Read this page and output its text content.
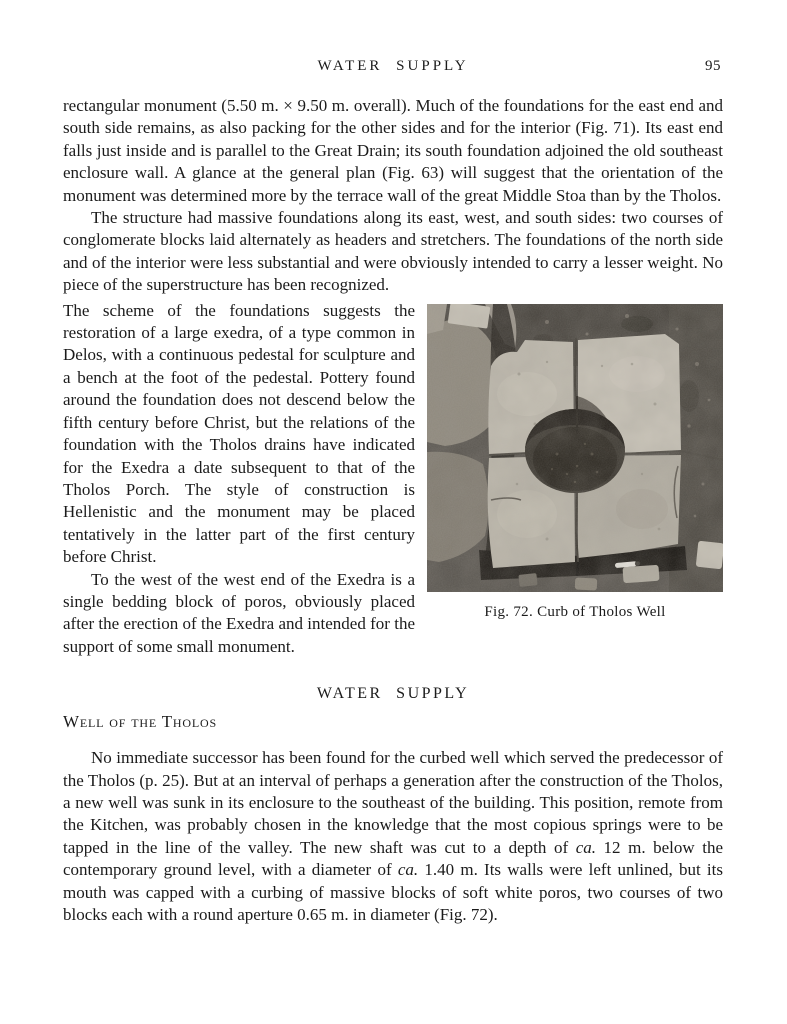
WATER SUPPLY	95

rectangular monument (5.50 m. × 9.50 m. overall). Much of the foundations for the east end and south side remains, as also packing for the other sides and for the interior (Fig. 71). Its east end falls just inside and is parallel to the Great Drain; its south foundation adjoined the old southeast enclosure wall. A glance at the general plan (Fig. 63) will suggest that the orientation of the monument was determined more by the terrace wall of the great Middle Stoa than by the Tholos.

The structure had massive foundations along its east, west, and south sides: two courses of conglomerate blocks laid alternately as headers and stretchers. The foundations of the north side and of the interior were less substantial and were obviously intended to carry a lesser weight. No piece of the superstructure has been recognized.

Fig. 72. Curb of Tholos Well

The scheme of the foundations suggests the restoration of a large exedra, of a type common in Delos, with a continuous pedestal for sculpture and a bench at the foot of the pedestal. Pottery found around the foundation does not descend below the fifth century before Christ, but the relations of the foundation with the Tholos drains have indicated for the Exedra a date subsequent to that of the Tholos Porch. The style of construction is Hellenistic and the monument may be placed tentatively in the latter part of the first century before Christ.

To the west of the west end of the Exedra is a single bedding block of poros, obviously placed after the erection of the Exedra and intended for the support of some small monument.

WATER SUPPLY
Well of the Tholos

No immediate successor has been found for the curbed well which served the predecessor of the Tholos (p. 25). But at an interval of perhaps a generation after the construction of the Tholos, a new well was sunk in its enclosure to the southeast of the building. This position, remote from the Kitchen, was probably chosen in the knowledge that the most copious springs were to be tapped in the line of the valley. The new shaft was cut to a depth of ca. 12 m. below the contemporary ground level, with a diameter of ca. 1.40 m. Its walls were left unlined, but its mouth was capped with a curbing of massive blocks of soft white poros, two courses of two blocks each with a round aperture 0.65 m. in diameter (Fig. 72).
